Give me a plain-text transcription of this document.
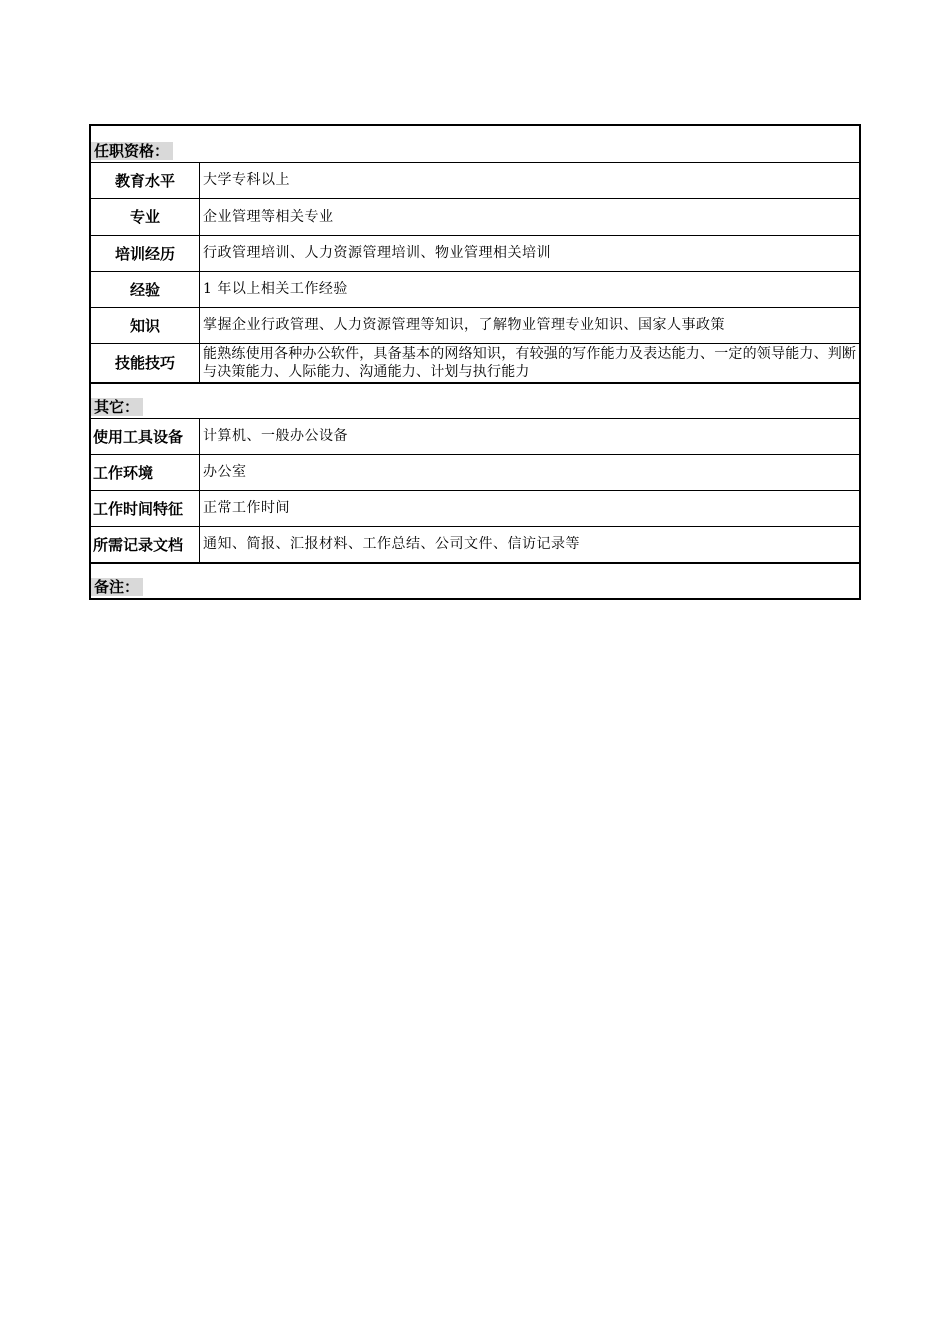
任职资格：
教育水平	大学专科以上
专业	企业管理等相关专业
培训经历	行政管理培训、人力资源管理培训、物业管理相关培训
经验	1 年以上相关工作经验
知识	掌握企业行政管理、人力资源管理等知识，了解物业管理专业知识、国家人事政策
技能技巧	能熟练使用各种办公软件，具备基本的网络知识，有较强的写作能力及表达能力、一定的领导能力、判断与决策能力、人际能力、沟通能力、计划与执行能力
其它：
使用工具设备	计算机、一般办公设备
工作环境	办公室
工作时间特征	正常工作时间
所需记录文档	通知、简报、汇报材料、工作总结、公司文件、信访记录等
备注：
